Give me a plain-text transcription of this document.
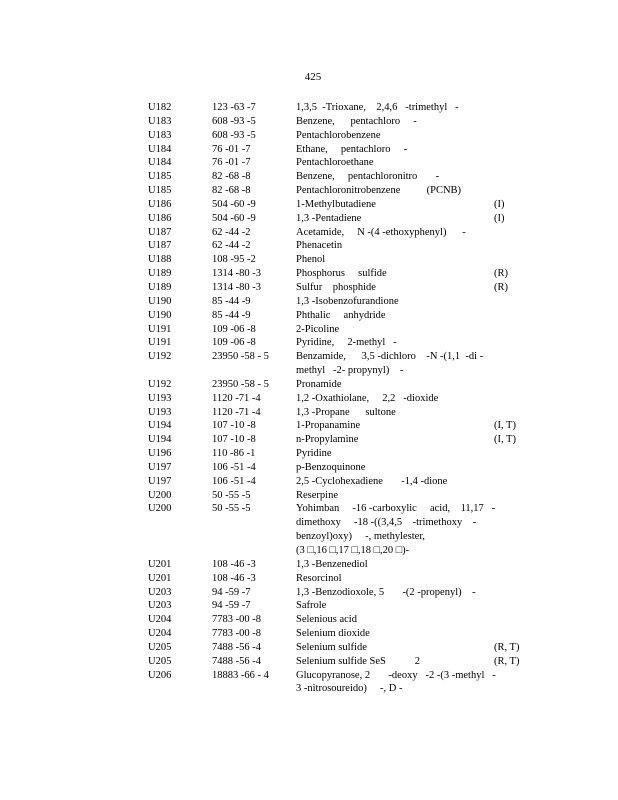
425
U182	123 -63 -7	1,3,5  -Trioxane,    2,4,6   -trimethyl   -
U183	608 -93 -5	Benzene,      pentachloro     -
U183	608 -93 -5	Pentachlorobenzene
U184	76 -01 -7	Ethane,     pentachloro     -
U184	76 -01 -7	Pentachloroethane
U185	82 -68 -8	Benzene,     pentachloronitro       -
U185	82 -68 -8	Pentachloronitrobenzene          (PCNB)
U186	504 -60 -9	1-Methylbutadiene	(I)
U186	504 -60 -9	1,3 -Pentadiene	(I)
U187	62 -44 -2	Acetamide,     N -(4 -ethoxyphenyl)      -
U187	62 -44 -2	Phenacetin
U188	108 -95 -2	Phenol
U189	1314 -80 -3	Phosphorus     sulfide	(R)
U189	1314 -80 -3	Sulfur    phosphide	(R)
U190	85 -44 -9	1,3 -Isobenzofurandione
U190	85 -44 -9	Phthalic     anhydride
U191	109 -06 -8	2-Picoline
U191	109 -06 -8	Pyridine,     2-methyl   -
U192	23950 -58 - 5	Benzamide,      3,5 -dichloro    -N -(1,1  -di -
methyl   -2- propynyl)    -
U192	23950 -58 - 5	Pronamide
U193	1120 -71 -4	1,2 -Oxathiolane,     2,2   -dioxide
U193	1120 -71 -4	1,3 -Propane      sultone
U194	107 -10 -8	1-Propanamine	(I, T)
U194	107 -10 -8	n-Propylamine	(I, T)
U196	110 -86 -1	Pyridine
U197	106 -51 -4	p-Benzoquinone
U197	106 -51 -4	2,5 -Cyclohexadiene       -1,4 -dione
U200	50 -55 -5	Reserpine
U200	50 -55 -5	Yohimban     -16 -carboxylic     acid,    11,17   -
dimethoxy     -18 -((3,4,5    -trimethoxy    -
benzoyl)oxy)     -, methylester,
(3 □,16 □,17 □,18 □,20 □)-
U201	108 -46 -3	1,3 -Benzenediol
U201	108 -46 -3	Resorcinol
U203	94 -59 -7	1,3 -Benzodioxole, 5       -(2 -propenyl)    -
U203	94 -59 -7	Safrole
U204	7783 -00 -8	Selenious acid
U204	7783 -00 -8	Selenium dioxide
U205	7488 -56 -4	Selenium sulfide	(R, T)
U205	7488 -56 -4	Selenium sulfide SeS           2	(R, T)
U206	18883 -66 - 4	Glucopyranose, 2       -deoxy   -2 -(3 -methyl   -
3 -nitrosoureido)     -, D -
